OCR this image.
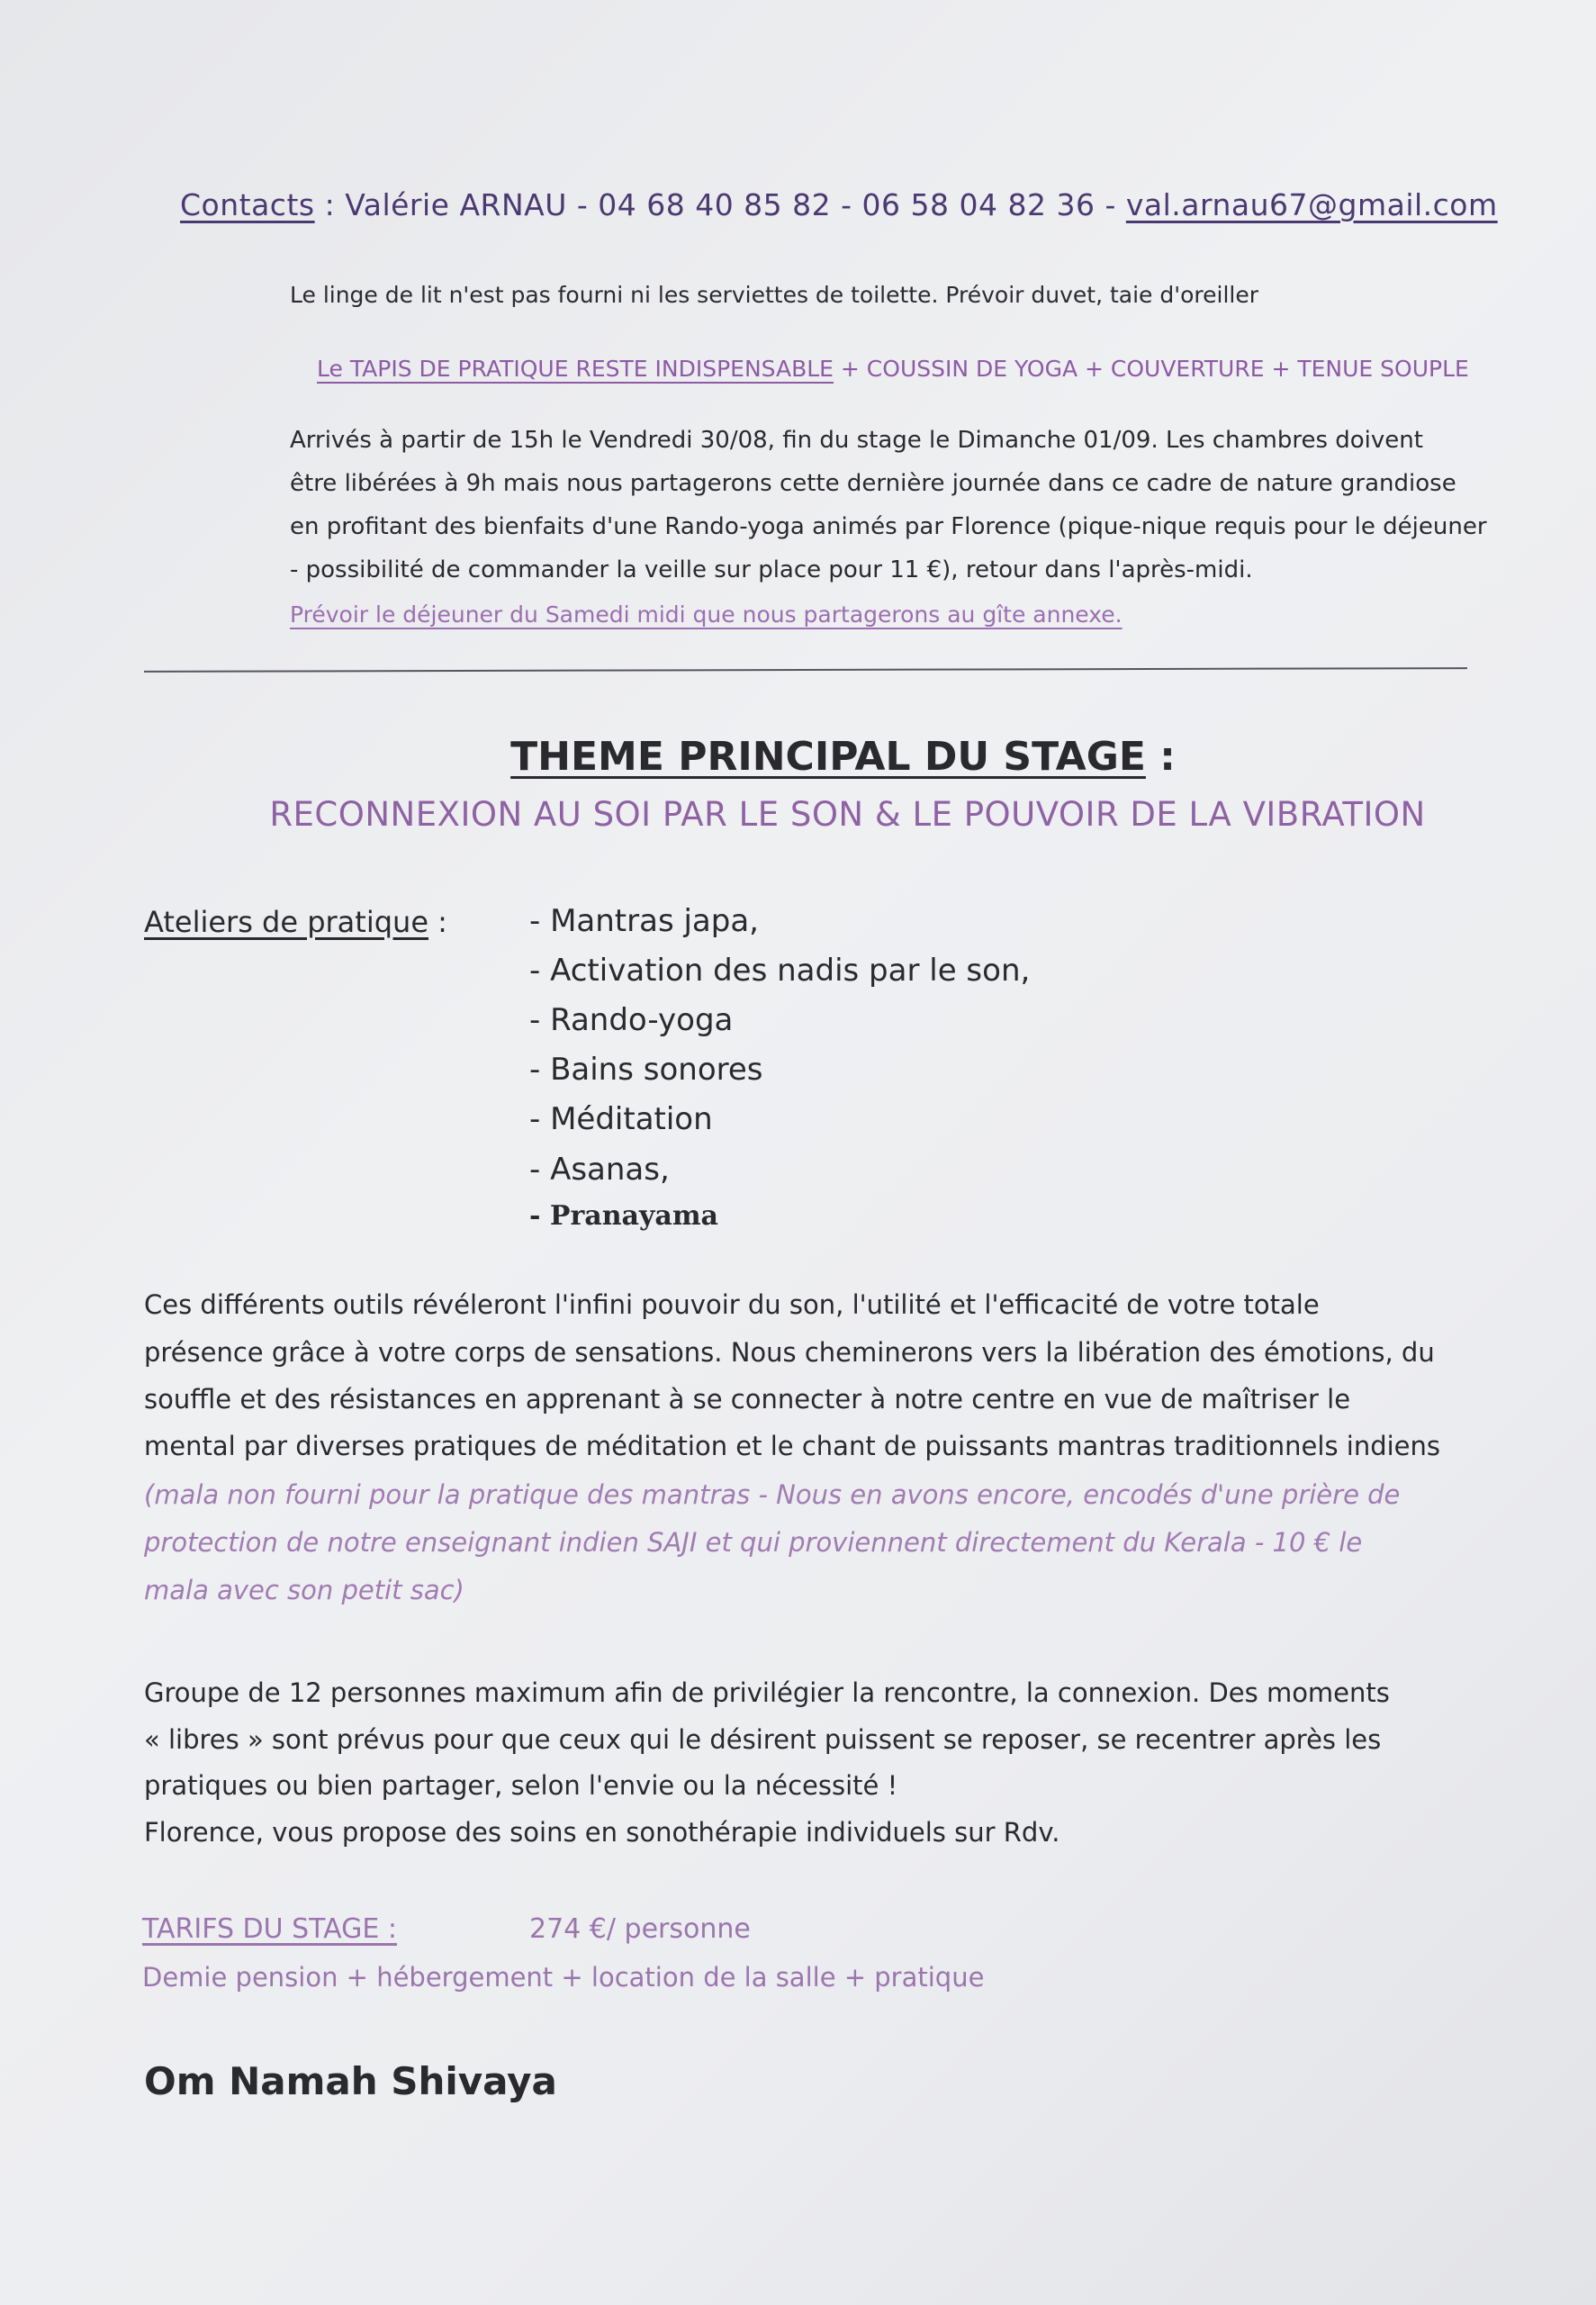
Contacts : Valérie ARNAU - 04 68 40 85 82 - 06 58 04 82 36 - val.arnau67@gmail.com
Le linge de lit n'est pas fourni ni les serviettes de toilette. Prévoir duvet, taie d'oreiller
Le TAPIS DE PRATIQUE RESTE INDISPENSABLE + COUSSIN DE YOGA + COUVERTURE + TENUE SOUPLE
Arrivés à partir de 15h le Vendredi 30/08, fin du stage le Dimanche 01/09. Les chambres doivent
être libérées à 9h mais nous partagerons cette dernière journée dans ce cadre de nature grandiose
en profitant des bienfaits d'une Rando-yoga animés par Florence (pique-nique requis pour le déjeuner
- possibilité de commander la veille sur place pour 11 €), retour dans l'après-midi.
Prévoir le déjeuner du Samedi midi que nous partagerons au gîte annexe.
THEME PRINCIPAL DU STAGE :
RECONNEXION AU SOI PAR LE SON & LE POUVOIR DE LA VIBRATION
Ateliers de pratique :	- Mantras japa,
- Activation des nadis par le son,
- Rando-yoga
- Bains sonores
- Méditation
- Asanas,
- Pranayama
Ces différents outils révéleront l'infini pouvoir du son, l'utilité et l'efficacité de votre totale
présence grâce à votre corps de sensations. Nous cheminerons vers la libération des émotions, du
souffle et des résistances en apprenant à se connecter à notre centre en vue de maîtriser le
mental par diverses pratiques de méditation et le chant de puissants mantras traditionnels indiens
(mala non fourni pour la pratique des mantras - Nous en avons encore, encodés d'une prière de
protection de notre enseignant indien SAJI et qui proviennent directement du Kerala - 10 € le
mala avec son petit sac)
Groupe de 12 personnes maximum afin de privilégier la rencontre, la connexion. Des moments
« libres » sont prévus pour que ceux qui le désirent puissent se reposer, se recentrer après les
pratiques ou bien partager, selon l'envie ou la nécessité !
Florence, vous propose des soins en sonothérapie individuels sur Rdv.
TARIFS DU STAGE :	274 €/ personne
Demie pension + hébergement + location de la salle + pratique
Om Namah Shivaya
